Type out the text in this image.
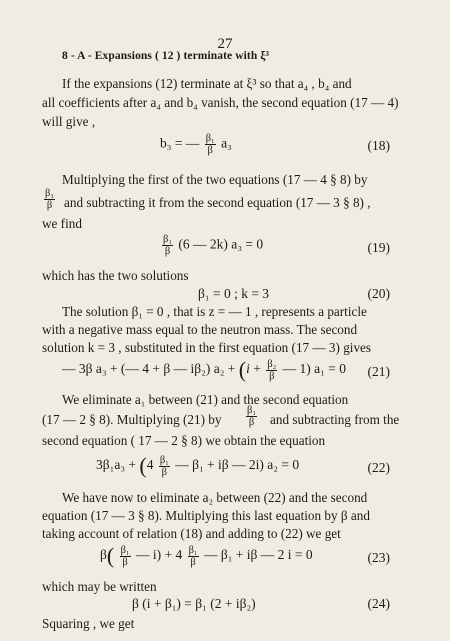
27
8 - A - Expansions ( 12 ) terminate with ξ³
If the expansions (12) terminate at ξ³ so that a₄ , b₄ and
all coefficients after a₄ and b₄ vanish, the second equation (17 — 4)
will give ,
b₃ = — $\frac{\text{β₁}}{\beta} a_3$	(18)
Multiplying the first of the two equations (17 — 4 § 8) by
$\frac{\text{β₁}}{\beta}$ and subtracting it from the second equation (17 — 3 § 8) ,
we find
$\frac{\text{β₁}}{\beta} (6$ — 2k) a₃ = 0	(19)
which has the two solutions
β₁ = 0 ; k = 3	(20)
The solution β₁ = 0 , that is z = — 1 , represents a particle
with a negative mass equal to the neutron mass. The second
solution k = 3 , substituted in the first equation (17 — 3) gives
— 3β a₃ + (— 4 + β — iβ₂) $a_2 + (i + \frac{\text{β₂}}{\beta}$ — 1) a₁ = 0 (21)
We eliminate a₁ between (21) and the second equation
(17 — 2 § 8). Multiplying (21) by $\frac{\text{β₁}}{\beta}$ and subtracting from the
second equation ( 17 — 2 § 8) we obtain the equation
$3\beta_1a_3 + (4 \frac{\text{β₁}}{\beta}$ — β₁ + iβ — 2i) a₂ = 0	(22)
We have now to eliminate a₂ between (22) and the second
equation (17 — 3 § 8). Multiplying this last equation by β and
taking account of relation (18) and adding to (22) we get
$\beta( \frac{\text{β₁}}{\beta}$ — $i) + 4 \frac{\text{β₁}}{\beta}$ — β₁ + iβ — 2 i = 0	(23)
which may be written
β (i + β₁) = β₁ (2 + iβ₂)	(24)
Squaring , we get
